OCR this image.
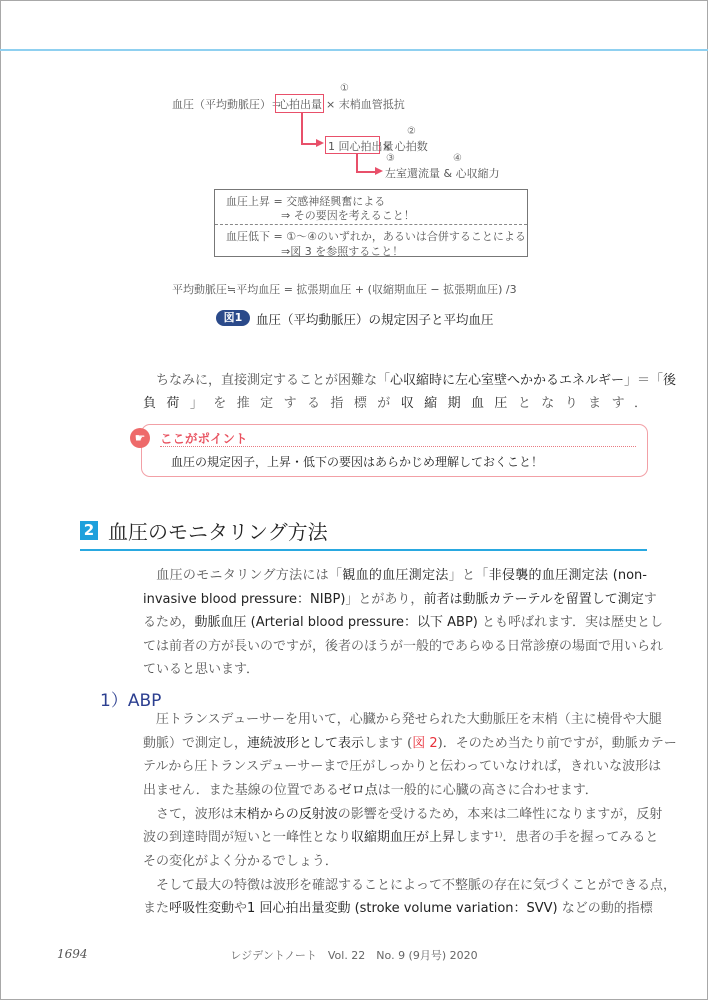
血圧（平均動脈圧）＝
心拍出量 × 末梢血管抵抗
①
1 回心拍出量
× 心拍数
②
左室還流量 & 心収縮力
③	④
血圧上昇 = 交感神経興奮による
⇒ その要因を考えること！
血圧低下 = ①～④のいずれか，あるいは合併することによる
⇒図 3 を参照すること！
平均動脈圧≒平均血圧 = 拡張期血圧 + (収縮期血圧 − 拡張期血圧) /3
図1	血圧（平均動脈圧）の規定因子と平均血圧
　ちなみに，直接測定することが困難な「心収縮時に左心室壁へかかるエネルギー」＝「後
負荷」を推定する指標が収縮期血圧となります．
☛	ここがポイント
血圧の規定因子，上昇・低下の要因はあらかじめ理解しておくこと！
2 血圧のモニタリング方法
　血圧のモニタリング方法には「観血的血圧測定法」と「非侵襲的血圧測定法 (non-
invasive blood pressure：NIBP)」とがあり，前者は動脈カテーテルを留置して測定す
るため，動脈血圧 (Arterial blood pressure：以下 ABP) とも呼ばれます．実は歴史とし
ては前者の方が長いのですが，後者のほうが一般的であらゆる日常診療の場面で用いられ
ていると思います．
1）ABP
　圧トランスデューサーを用いて，心臓から発せられた大動脈圧を末梢（主に橈骨や大腿
動脈）で測定し，連続波形として表示します (図 2)．そのため当たり前ですが，動脈カテー
テルから圧トランスデューサーまで圧がしっかりと伝わっていなければ，きれいな波形は
出ません．また基線の位置であるゼロ点は一般的に心臓の高さに合わせます．
　さて，波形は末梢からの反射波の影響を受けるため，本来は二峰性になりますが，反射
波の到達時間が短いと一峰性となり収縮期血圧が上昇します¹⁾．患者の手を握ってみると
その変化がよく分かるでしょう．
　そして最大の特徴は波形を確認することによって不整脈の存在に気づくことができる点，
また呼吸性変動や1 回心拍出量変動 (stroke volume variation：SVV) などの動的指標
1694	レジデントノート　Vol. 22　No. 9 (9月号) 2020
